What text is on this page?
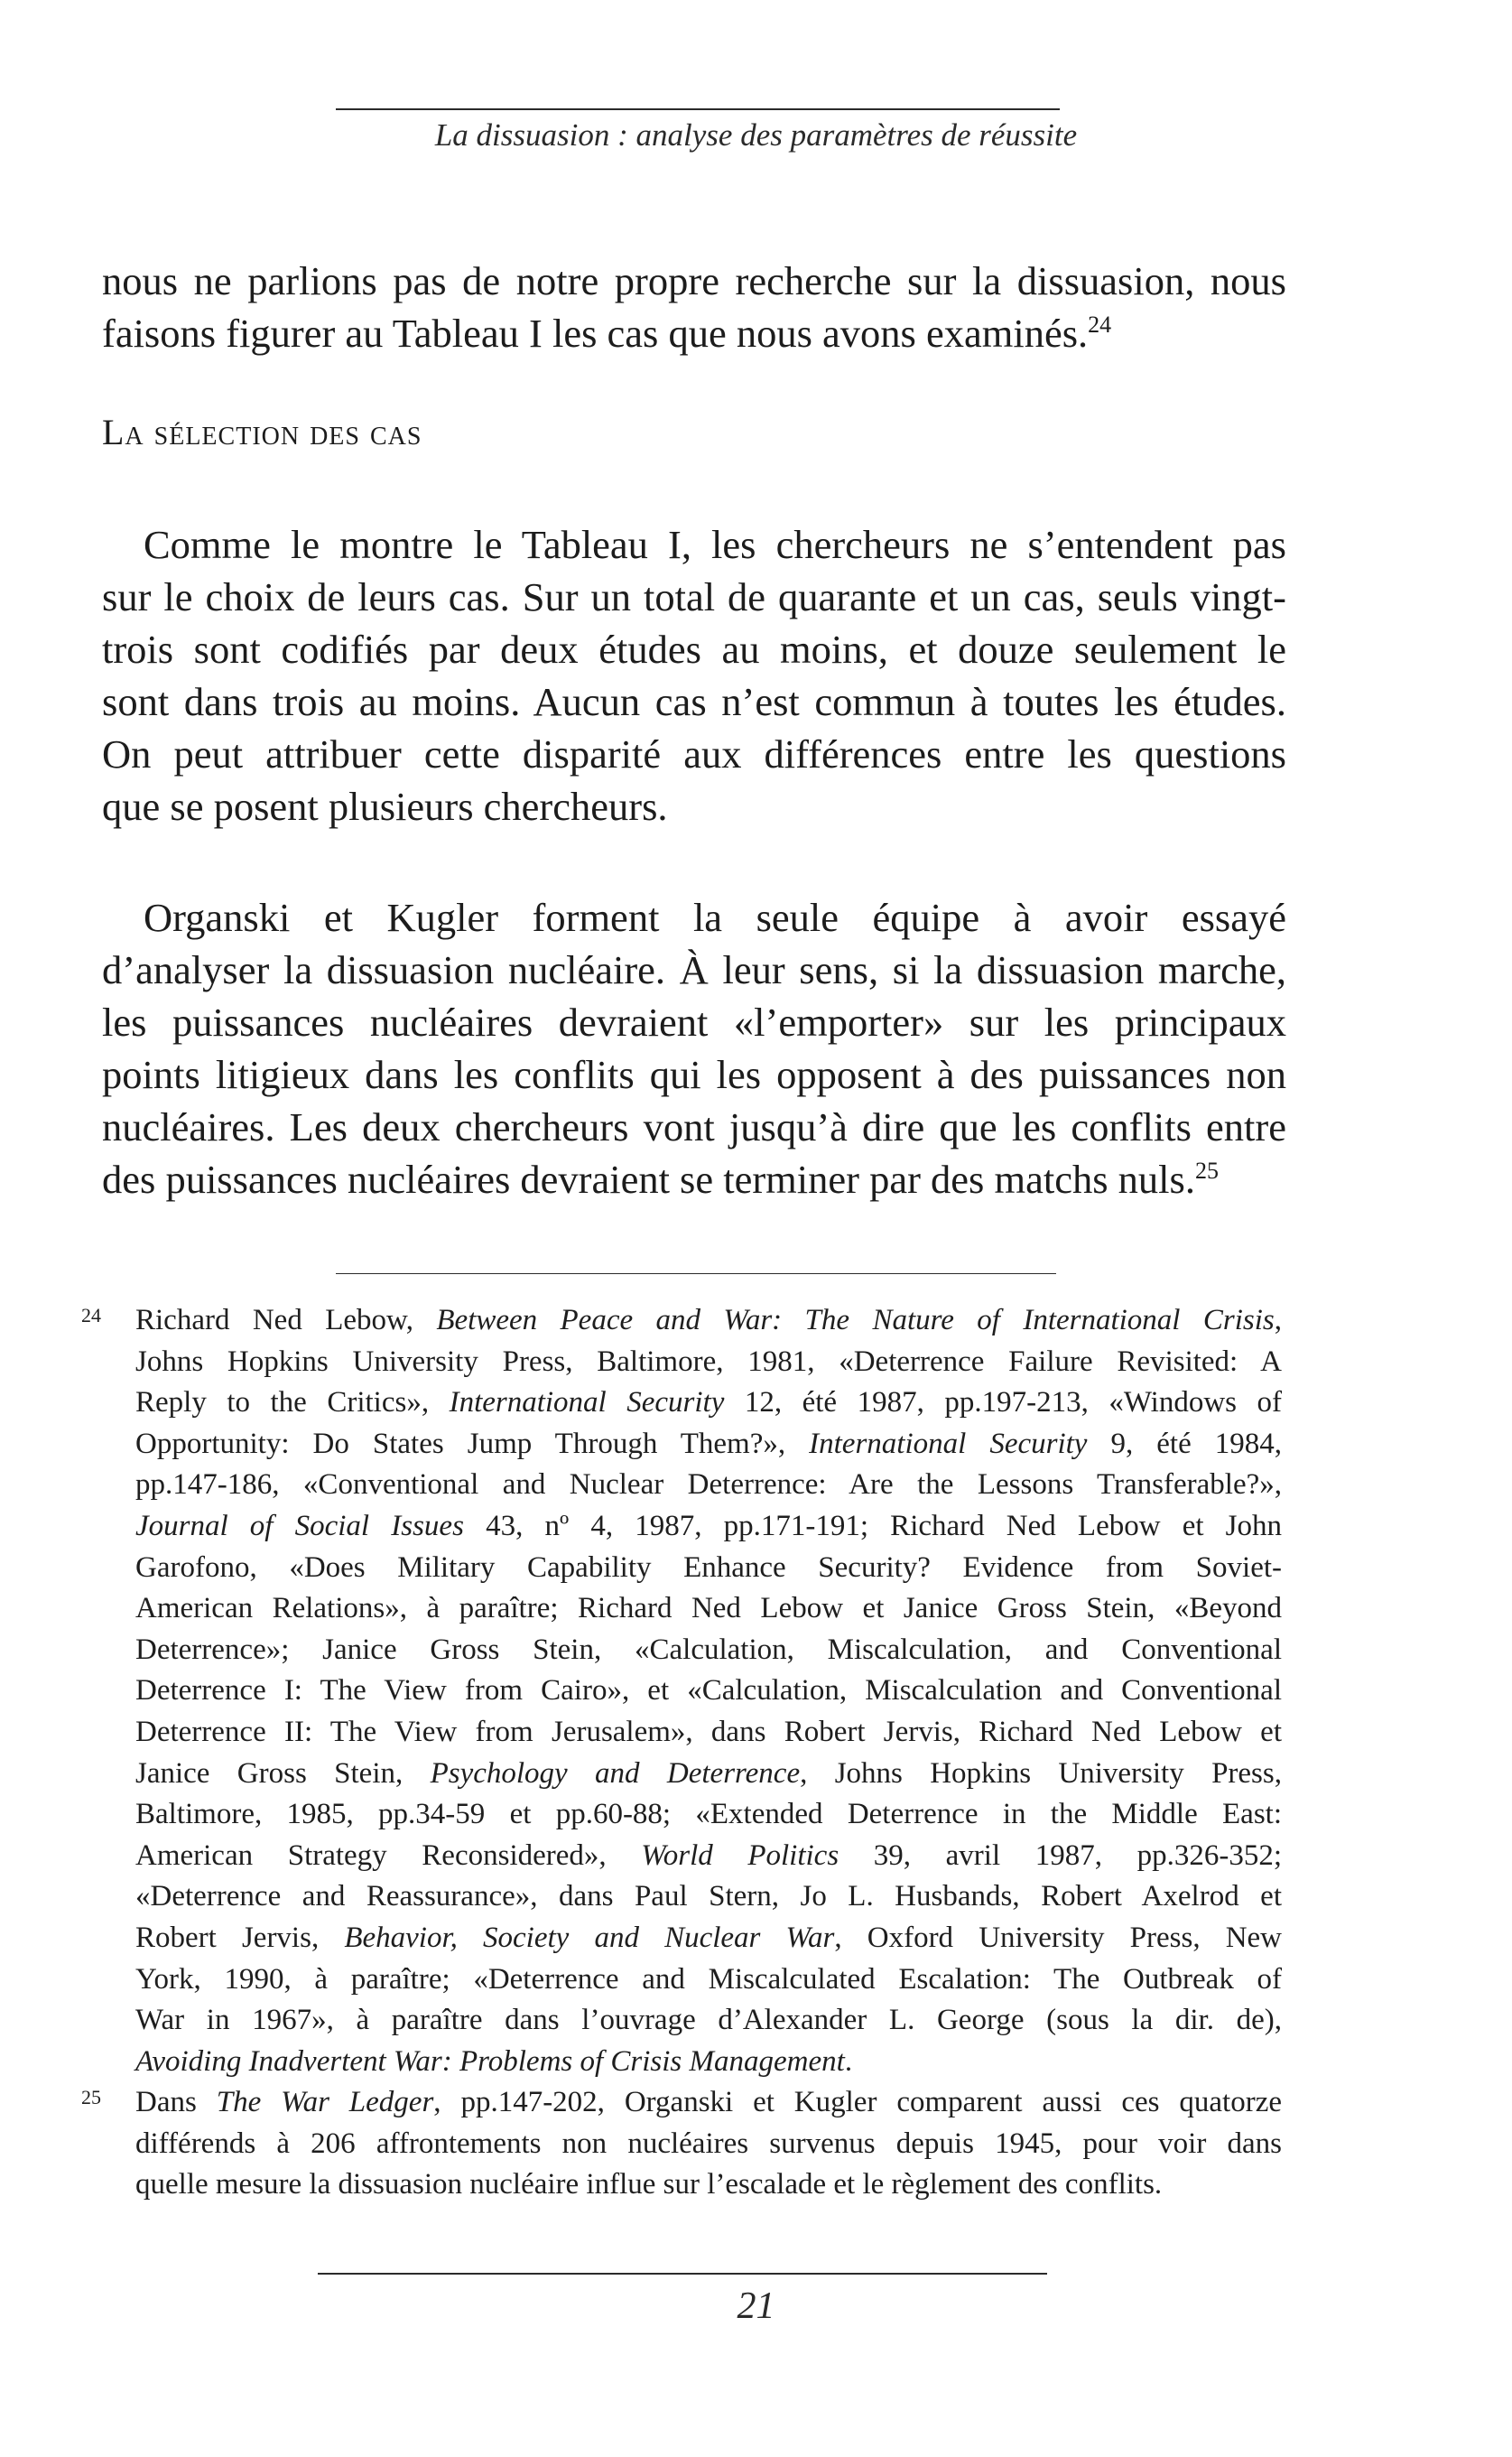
La dissuasion : analyse des paramètres de réussite
nous ne parlions pas de notre propre recherche sur la dissuasion, nous
faisons figurer au Tableau I les cas que nous avons examinés.$^{24}$
La sélection des cas
Comme le montre le Tableau I, les chercheurs ne s’entendent pas
sur le choix de leurs cas. Sur un total de quarante et un cas, seuls vingt-
trois sont codifiés par deux études au moins, et douze seulement le
sont dans trois au moins. Aucun cas n’est commun à toutes les études.
On peut attribuer cette disparité aux différences entre les questions
que se posent plusieurs chercheurs.
Organski et Kugler forment la seule équipe à avoir essayé
d’analyser la dissuasion nucléaire. À leur sens, si la dissuasion marche,
les puissances nucléaires devraient «l’emporter» sur les principaux
points litigieux dans les conflits qui les opposent à des puissances non
nucléaires. Les deux chercheurs vont jusqu’à dire que les conflits entre
des puissances nucléaires devraient se terminer par des matchs nuls.$^{25}$
24 Richard Ned Lebow, Between Peace and War: The Nature of International Crisis,
Johns Hopkins University Press, Baltimore, 1981, «Deterrence Failure Revisited: A
Reply to the Critics», International Security 12, été 1987, pp.197-213, «Windows of
Opportunity: Do States Jump Through Them?», International Security 9, été 1984,
pp.147-186, «Conventional and Nuclear Deterrence: Are the Lessons Transferable?»,
Journal of Social Issues 43, nº 4, 1987, pp.171-191; Richard Ned Lebow et John
Garofono, «Does Military Capability Enhance Security? Evidence from Soviet-
American Relations», à paraître; Richard Ned Lebow et Janice Gross Stein, «Beyond
Deterrence»; Janice Gross Stein, «Calculation, Miscalculation, and Conventional
Deterrence I: The View from Cairo», et «Calculation, Miscalculation and Conventional
Deterrence II: The View from Jerusalem», dans Robert Jervis, Richard Ned Lebow et
Janice Gross Stein, Psychology and Deterrence, Johns Hopkins University Press,
Baltimore, 1985, pp.34-59 et pp.60-88; «Extended Deterrence in the Middle East:
American Strategy Reconsidered», World Politics 39, avril 1987, pp.326-352;
«Deterrence and Reassurance», dans Paul Stern, Jo L. Husbands, Robert Axelrod et
Robert Jervis, Behavior, Society and Nuclear War, Oxford University Press, New
York, 1990, à paraître; «Deterrence and Miscalculated Escalation: The Outbreak of
War in 1967», à paraître dans l’ouvrage d’Alexander L. George (sous la dir. de),
Avoiding Inadvertent War: Problems of Crisis Management.
25 Dans The War Ledger, pp.147-202, Organski et Kugler comparent aussi ces quatorze
différends à 206 affrontements non nucléaires survenus depuis 1945, pour voir dans
quelle mesure la dissuasion nucléaire influe sur l’escalade et le règlement des conflits.
21
